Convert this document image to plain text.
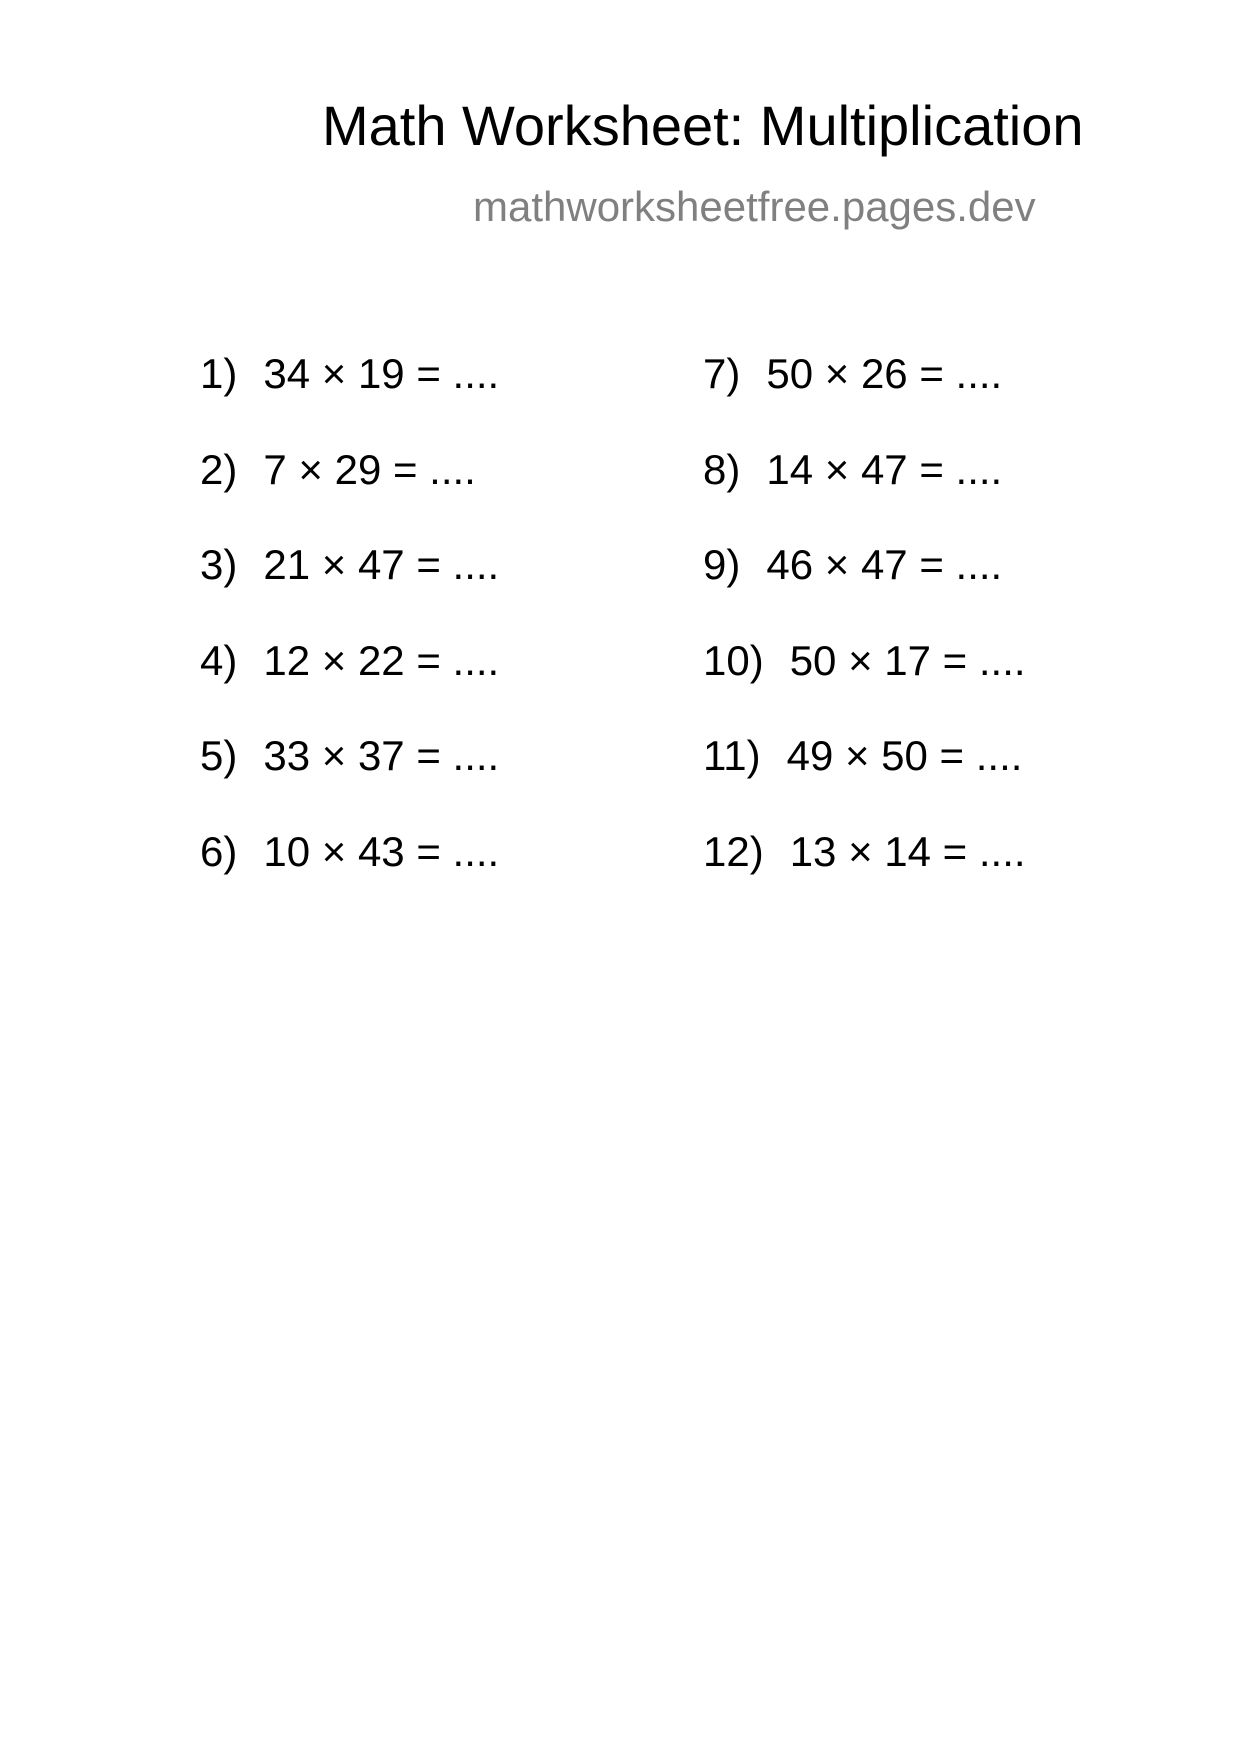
Math Worksheet: Multiplication
mathworksheetfree.pages.dev
1) 34 × 19 = ....
2) 7 × 29 = ....
3) 21 × 47 = ....
4) 12 × 22 = ....
5) 33 × 37 = ....
6) 10 × 43 = ....
7) 50 × 26 = ....
8) 14 × 47 = ....
9) 46 × 47 = ....
10) 50 × 17 = ....
11) 49 × 50 = ....
12) 13 × 14 = ....
